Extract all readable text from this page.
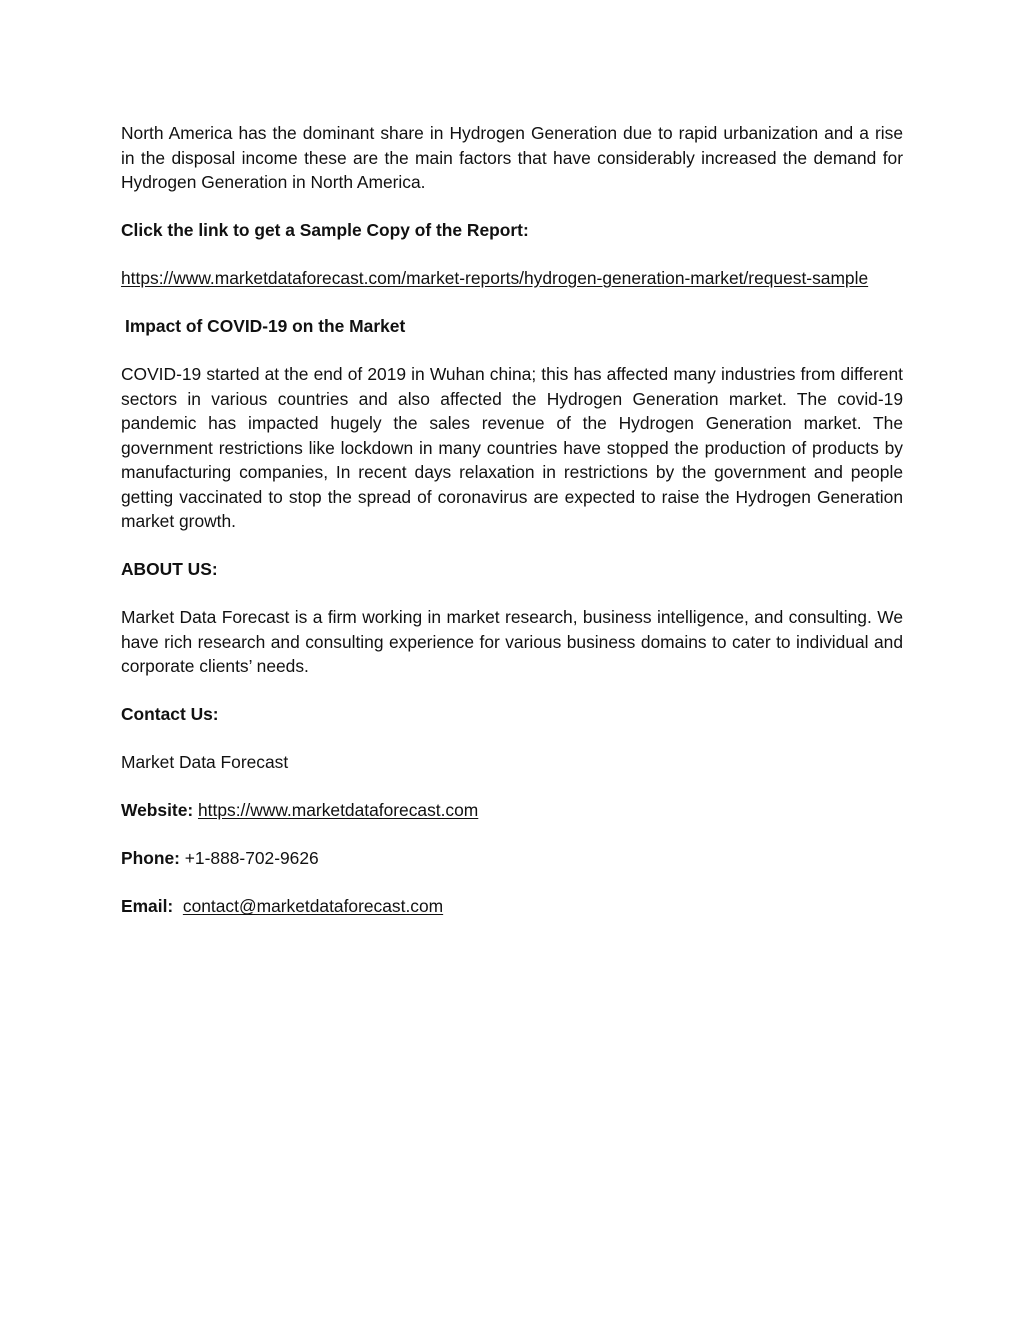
North America has the dominant share in Hydrogen Generation due to rapid urbanization and a rise in the disposal income these are the main factors that have considerably increased the demand for Hydrogen Generation in North America.

Click the link to get a Sample Copy of the Report:

https://www.marketdataforecast.com/market-reports/hydrogen-generation-market/request-sample

Impact of COVID-19 on the Market

COVID-19 started at the end of 2019 in Wuhan china; this has affected many industries from different sectors in various countries and also affected the Hydrogen Generation market. The covid-19 pandemic has impacted hugely the sales revenue of the Hydrogen Generation market. The government restrictions like lockdown in many countries have stopped the production of products by manufacturing companies, In recent days relaxation in restrictions by the government and people getting vaccinated to stop the spread of coronavirus are expected to raise the Hydrogen Generation market growth.

ABOUT US:

Market Data Forecast is a firm working in market research, business intelligence, and consulting. We have rich research and consulting experience for various business domains to cater to individual and corporate clients’ needs.

Contact Us:

Market Data Forecast

Website: https://www.marketdataforecast.com

Phone: +1-888-702-9626

Email: contact@marketdataforecast.com
